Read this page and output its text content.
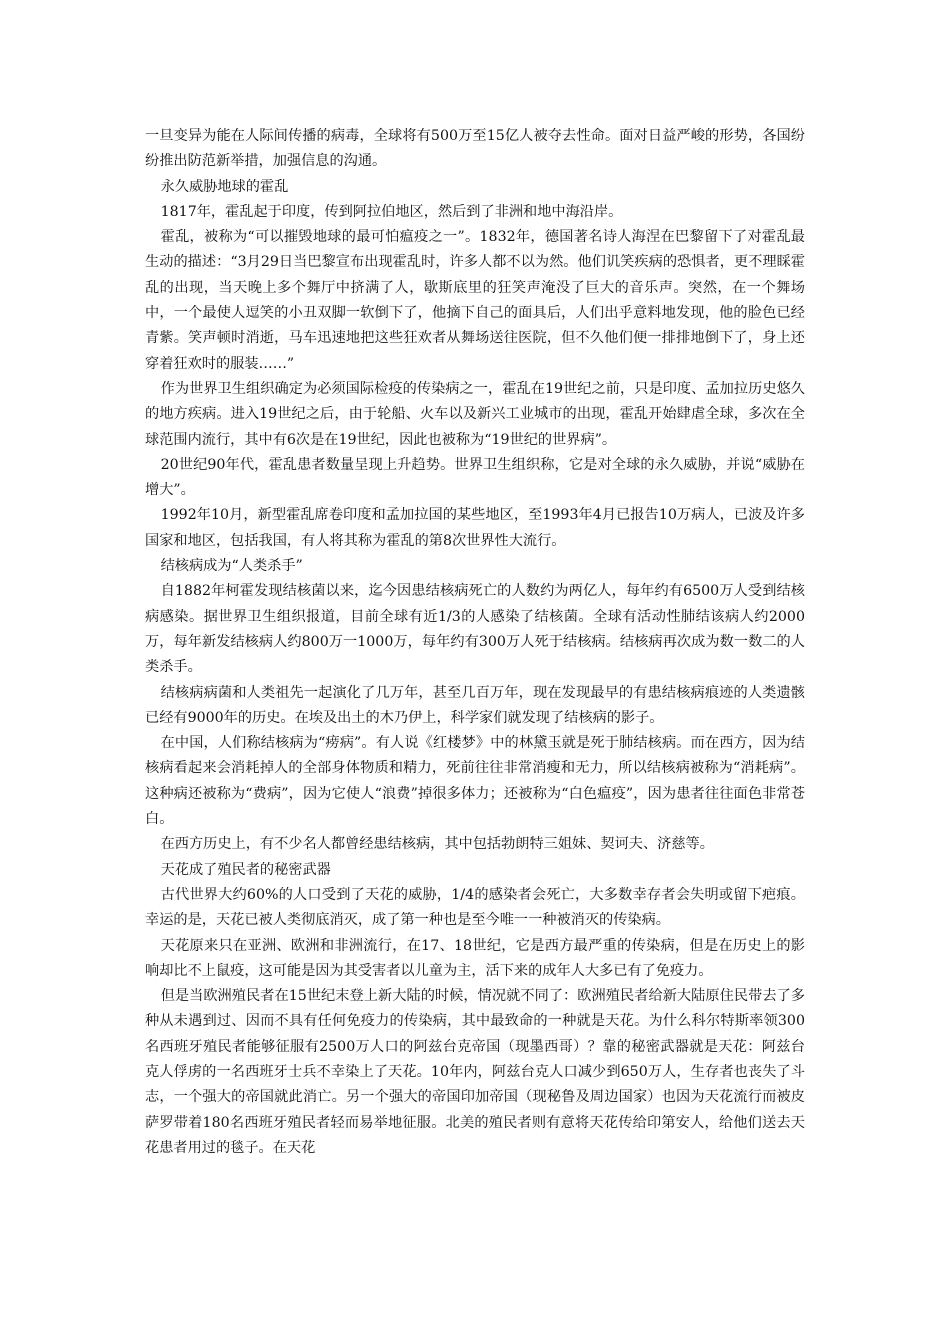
一旦变异为能在人际间传播的病毒，全球将有500万至15亿人被夺去性命。面对日益严峻的形势，各国纷纷推出防范新举措，加强信息的沟通。

永久威胁地球的霍乱

1817年，霍乱起于印度，传到阿拉伯地区，然后到了非洲和地中海沿岸。

霍乱，被称为“可以摧毁地球的最可怕瘟疫之一”。1832年，德国著名诗人海涅在巴黎留下了对霍乱最生动的描述：“3月29日当巴黎宣布出现霍乱时，许多人都不以为然。他们讥笑疾病的恐惧者，更不理睬霍乱的出现，当天晚上多个舞厅中挤满了人，歇斯底里的狂笑声淹没了巨大的音乐声。突然，在一个舞场中，一个最使人逗笑的小丑双脚一软倒下了，他摘下自己的面具后，人们出乎意料地发现，他的脸色已经青紫。笑声顿时消逝，马车迅速地把这些狂欢者从舞场送往医院，但不久他们便一排排地倒下了，身上还穿着狂欢时的服装……”

作为世界卫生组织确定为必须国际检疫的传染病之一，霍乱在19世纪之前，只是印度、孟加拉历史悠久的地方疾病。进入19世纪之后，由于轮船、火车以及新兴工业城市的出现，霍乱开始肆虐全球，多次在全球范围内流行，其中有6次是在19世纪，因此也被称为“19世纪的世界病”。

20世纪90年代，霍乱患者数量呈现上升趋势。世界卫生组织称，它是对全球的永久威胁，并说“威胁在增大”。

1992年10月，新型霍乱席卷印度和孟加拉国的某些地区，至1993年4月已报告10万病人，已波及许多国家和地区，包括我国，有人将其称为霍乱的第8次世界性大流行。

结核病成为“人类杀手”

自1882年柯霍发现结核菌以来，迄今因患结核病死亡的人数约为两亿人，每年约有6500万人受到结核病感染。据世界卫生组织报道，目前全球有近1/3的人感染了结核菌。全球有活动性肺结该病人约2000万，每年新发结核病人约800万一1000万，每年约有300万人死于结核病。结核病再次成为数一数二的人类杀手。

结核病病菌和人类祖先一起演化了几万年，甚至几百万年，现在发现最早的有患结核病痕迹的人类遗骸已经有9000年的历史。在埃及出土的木乃伊上，科学家们就发现了结核病的影子。

在中国，人们称结核病为“痨病”。有人说《红楼梦》中的林黛玉就是死于肺结核病。而在西方，因为结核病看起来会消耗掉人的全部身体物质和精力，死前往往非常消瘦和无力，所以结核病被称为“消耗病”。这种病还被称为“费病”，因为它使人“浪费”掉很多体力；还被称为“白色瘟疫”，因为患者往往面色非常苍白。

在西方历史上，有不少名人都曾经患结核病，其中包括勃朗特三姐妹、契诃夫、济慈等。

天花成了殖民者的秘密武器

古代世界大约60%的人口受到了天花的威胁，1/4的感染者会死亡，大多数幸存者会失明或留下疤痕。幸运的是，天花已被人类彻底消灭，成了第一种也是至今唯一一种被消灭的传染病。

天花原来只在亚洲、欧洲和非洲流行，在17、18世纪，它是西方最严重的传染病，但是在历史上的影响却比不上鼠疫，这可能是因为其受害者以儿童为主，活下来的成年人大多已有了免疫力。

但是当欧洲殖民者在15世纪末登上新大陆的时候，情况就不同了：欧洲殖民者给新大陆原住民带去了多种从未遇到过、因而不具有任何免疫力的传染病，其中最致命的一种就是天花。为什么科尔特斯率领300名西班牙殖民者能够征服有2500万人口的阿兹台克帝国（现墨西哥）？靠的秘密武器就是天花：阿兹台克人俘虏的一名西班牙士兵不幸染上了天花。10年内，阿兹台克人口减少到650万人，生存者也丧失了斗志，一个强大的帝国就此消亡。另一个强大的帝国印加帝国（现秘鲁及周边国家）也因为天花流行而被皮萨罗带着180名西班牙殖民者轻而易举地征服。北美的殖民者则有意将天花传给印第安人，给他们送去天花患者用过的毯子。在天花
